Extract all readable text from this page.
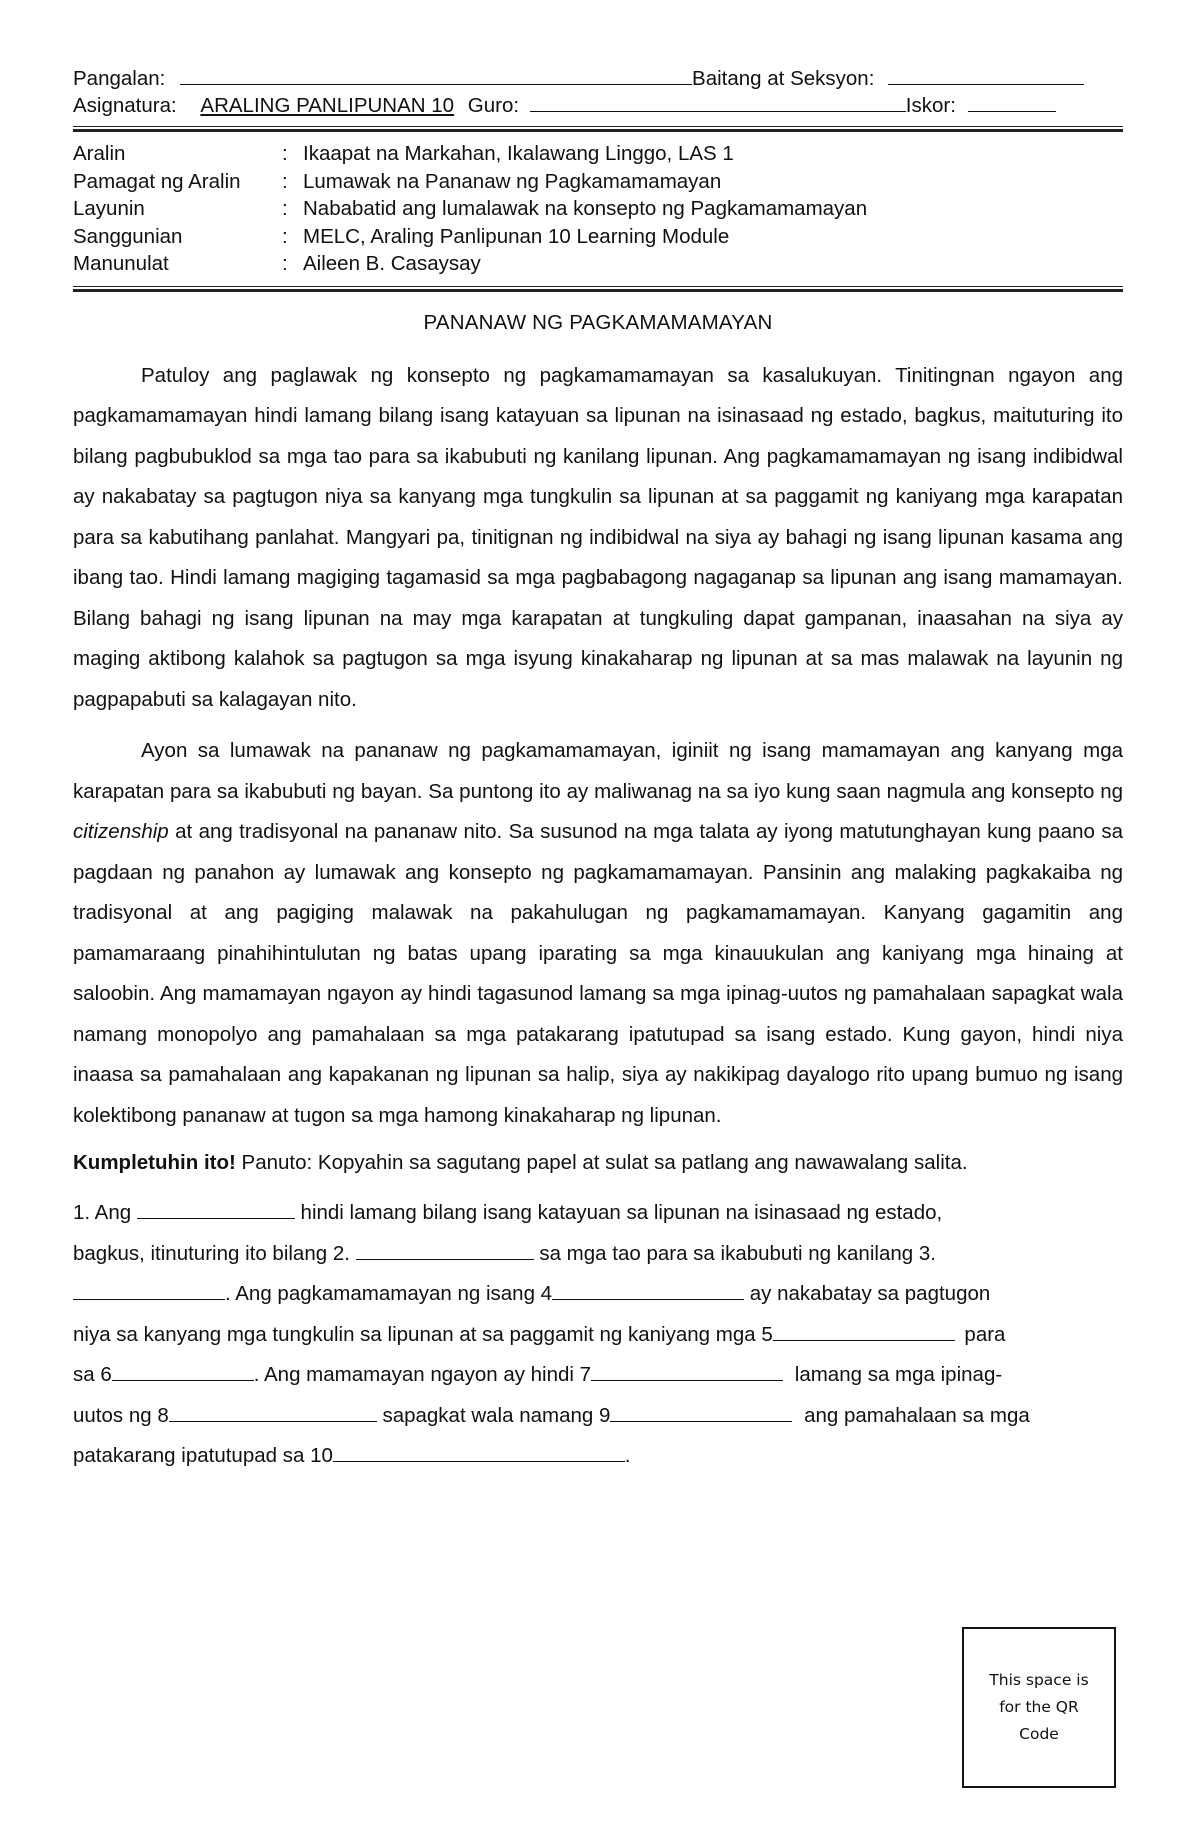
Pangalan:	Baitang at Seksyon:
Asignatura: ARALING PANLIPUNAN 10 Guro:	Iskor:
Aralin	: Ikaapat na Markahan, Ikalawang Linggo, LAS 1
Pamagat ng Aralin : Lumawak na Pananaw ng Pagkamamamayan
Layunin	: Nababatid ang lumalawak na konsepto ng Pagkamamamayan
Sanggunian	: MELC, Araling Panlipunan 10 Learning Module
Manunulat	: Aileen B. Casaysay
PANANAW NG PAGKAMAMAMAYAN

Patuloy ang paglawak ng konsepto ng pagkamamamayan sa kasalukuyan. Tinitingnan ngayon ang pagkamamamayan hindi lamang bilang isang katayuan sa lipunan na isinasaad ng estado, bagkus, maituturing ito bilang pagbubuklod sa mga tao para sa ikabubuti ng kanilang lipunan. Ang pagkamamamayan ng isang indibidwal ay nakabatay sa pagtugon niya sa kanyang mga tungkulin sa lipunan at sa paggamit ng kaniyang mga karapatan para sa kabutihang panlahat. Mangyari pa, tinitignan ng indibidwal na siya ay bahagi ng isang lipunan kasama ang ibang tao. Hindi lamang magiging tagamasid sa mga pagbabagong nagaganap sa lipunan ang isang mamamayan. Bilang bahagi ng isang lipunan na may mga karapatan at tungkuling dapat gampanan, inaasahan na siya ay maging aktibong kalahok sa pagtugon sa mga isyung kinakaharap ng lipunan at sa mas malawak na layunin ng pagpapabuti sa kalagayan nito.

Ayon sa lumawak na pananaw ng pagkamamamayan, iginiit ng isang mamamayan ang kanyang mga karapatan para sa ikabubuti ng bayan. Sa puntong ito ay maliwanag na sa iyo kung saan nagmula ang konsepto ng citizenship at ang tradisyonal na pananaw nito. Sa susunod na mga talata ay iyong matutunghayan kung paano sa pagdaan ng panahon ay lumawak ang konsepto ng pagkamamamayan. Pansinin ang malaking pagkakaiba ng tradisyonal at ang pagiging malawak na pakahulugan ng pagkamamamayan. Kanyang gagamitin ang pamamaraang pinahihintulutan ng batas upang iparating sa mga kinauukulan ang kaniyang mga hinaing at saloobin. Ang mamamayan ngayon ay hindi tagasunod lamang sa mga ipinag-uutos ng pamahalaan sapagkat wala namang monopolyo ang pamahalaan sa mga patakarang ipatutupad sa isang estado. Kung gayon, hindi niya inaasa sa pamahalaan ang kapakanan ng lipunan sa halip, siya ay nakikipag dayalogo rito upang bumuo ng isang kolektibong pananaw at tugon sa mga hamong kinakaharap ng lipunan.

Kumpletuhin ito! Panuto: Kopyahin sa sagutang papel at sulat sa patlang ang nawawalang salita.
1. Ang	hindi lamang bilang isang katayuan sa lipunan na isinasaad ng estado,
bagkus, itinuturing ito bilang 2.	sa mga tao para sa ikabubuti ng kanilang 3.
. Ang pagkamamamayan ng isang 4	ay nakabatay sa pagtugon
niya sa kanyang mga tungkulin sa lipunan at sa paggamit ng kaniyang mga 5	para
sa 6	. Ang mamamayan ngayon ay hindi 7	lamang sa mga ipinag-
uutos ng 8	sapagkat wala namang 9	ang pamahalaan sa mga
patakarang ipatutupad sa 10	.
This space is for the QR Code
